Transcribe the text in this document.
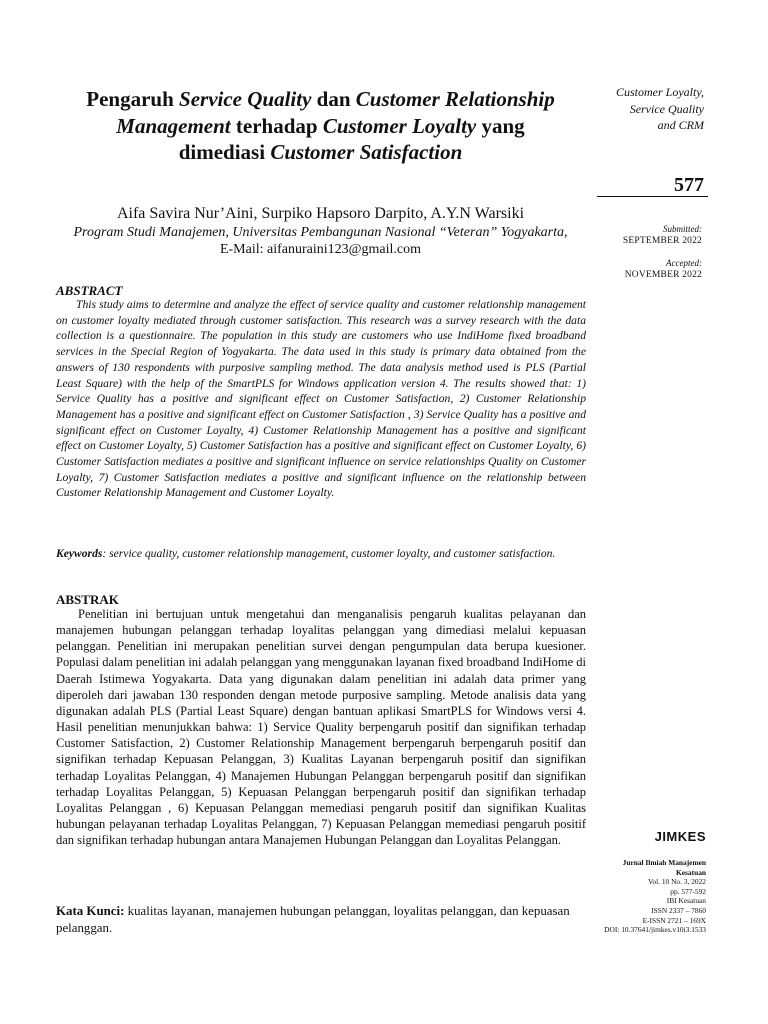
Pengaruh Service Quality dan Customer Relationship
Management terhadap Customer Loyalty yang
dimediasi Customer Satisfaction
Aifa Savira Nur’Aini, Surpiko Hapsoro Darpito, A.Y.N Warsiki
Program Studi Manajemen, Universitas Pembangunan Nasional “Veteran” Yogyakarta,
E-Mail: aifanuraini123@gmail.com
ABSTRACT

This study aims to determine and analyze the effect of service quality and customer relationship management on customer loyalty mediated through customer satisfaction. This research was a survey research with the data collection is a questionnaire. The population in this study are customers who use IndiHome fixed broadband services in the Special Region of Yogyakarta. The data used in this study is primary data obtained from the answers of 130 respondents with purposive sampling method. The data analysis method used is PLS (Partial Least Square) with the help of the SmartPLS for Windows application version 4. The results showed that: 1) Service Quality has a positive and significant effect on Customer Satisfaction, 2) Customer Relationship Management has a positive and significant effect on Customer Satisfaction , 3) Service Quality has a positive and significant effect on Customer Loyalty, 4) Customer Relationship Management has a positive and significant effect on Customer Loyalty, 5) Customer Satisfaction has a positive and significant effect on Customer Loyalty, 6) Customer Satisfaction mediates a positive and significant influence on service relationships Quality on Customer Loyalty, 7) Customer Satisfaction mediates a positive and significant influence on the relationship between Customer Relationship Management and Customer Loyalty.

Keywords: service quality, customer relationship management, customer loyalty, and customer satisfaction.

ABSTRAK

Penelitian ini bertujuan untuk mengetahui dan menganalisis pengaruh kualitas pelayanan dan manajemen hubungan pelanggan terhadap loyalitas pelanggan yang dimediasi melalui kepuasan pelanggan. Penelitian ini merupakan penelitian survei dengan pengumpulan data berupa kuesioner. Populasi dalam penelitian ini adalah pelanggan yang menggunakan layanan fixed broadband IndiHome di Daerah Istimewa Yogyakarta. Data yang digunakan dalam penelitian ini adalah data primer yang diperoleh dari jawaban 130 responden dengan metode purposive sampling. Metode analisis data yang digunakan adalah PLS (Partial Least Square) dengan bantuan aplikasi SmartPLS for Windows versi 4. Hasil penelitian menunjukkan bahwa: 1) Service Quality berpengaruh positif dan signifikan terhadap Customer Satisfaction, 2) Customer Relationship Management berpengaruh berpengaruh positif dan signifikan terhadap Kepuasan Pelanggan, 3) Kualitas Layanan berpengaruh positif dan signifikan terhadap Loyalitas Pelanggan, 4) Manajemen Hubungan Pelanggan berpengaruh positif dan signifikan terhadap Loyalitas Pelanggan, 5) Kepuasan Pelanggan berpengaruh positif dan signifikan terhadap Loyalitas Pelanggan , 6) Kepuasan Pelanggan memediasi pengaruh positif dan signifikan Kualitas hubungan pelayanan terhadap Loyalitas Pelanggan, 7) Kepuasan Pelanggan memediasi pengaruh positif dan signifikan terhadap hubungan antara Manajemen Hubungan Pelanggan dan Loyalitas Pelanggan.

Kata Kunci: kualitas layanan, manajemen hubungan pelanggan, loyalitas pelanggan, dan kepuasan pelanggan.

Customer Loyalty,
Service Quality
and CRM
577
Submitted:
SEPTEMBER 2022
Accepted:
NOVEMBER 2022
JIMKES
Jurnal Ilmiah Manajemen
Kesatuan
Vol. 10 No. 3, 2022
pp. 577-592
IBI Kesatuan
ISSN 2337 – 7860
E-ISSN 2721 – 169X
DOI: 10.37641/jimkes.v10i3.1533
